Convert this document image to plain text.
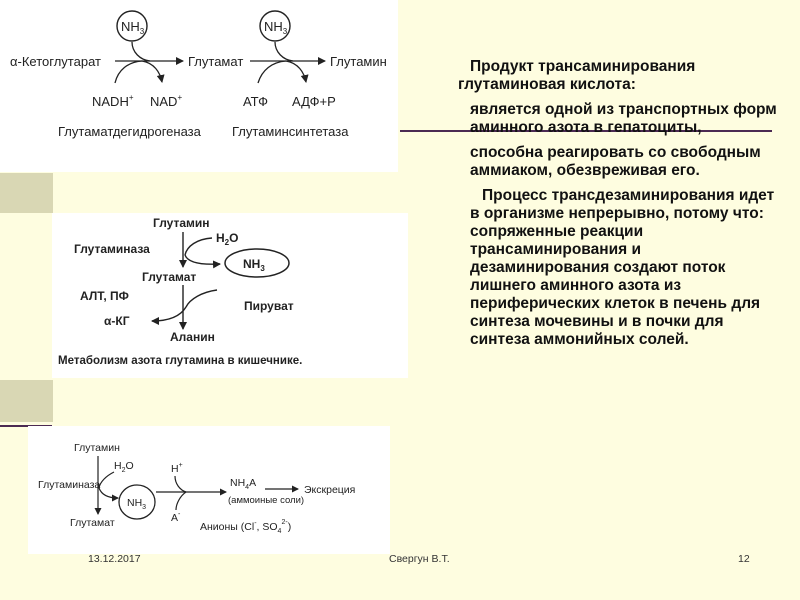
$NH_3$	$NH_3$
α-Кетоглутарат	Глутамат	Глутамин
NADH+ NAD+	АТФ АДФ+Р
Глутаматдегидрогеназа Глутаминсинтетаза
Глутамин
$H_2O$
Глутаминаза
$NH_3$
Глутамат
АЛТ, ПФ
Пируват
α-КГ
Аланин
Метаболизм азота глутамина в кишечнике.
Глутамин
$H_2O$
Глутаминаза
$NH_3$
Глутамат
H+
A-
$NH_4A$
(аммоиные соли)
Экскреция
Анионы (Cl-, $SO_4^{2-}$)

Продукт трансаминирования глутаминовая кислота:

является одной из транспортных форм аминного азота в гепатоциты,

способна реагировать со свободным аммиаком, обезвреживая его.

Процесс трансдезаминирования идет в организме непрерывно, потому что: сопряженные реакции трансаминирования и дезаминирования создают поток лишнего аминного азота из периферических клеток в печень для синтеза мочевины и в почки для синтеза аммонийных солей.

13.12.2017	Свергун В.Т.	12
